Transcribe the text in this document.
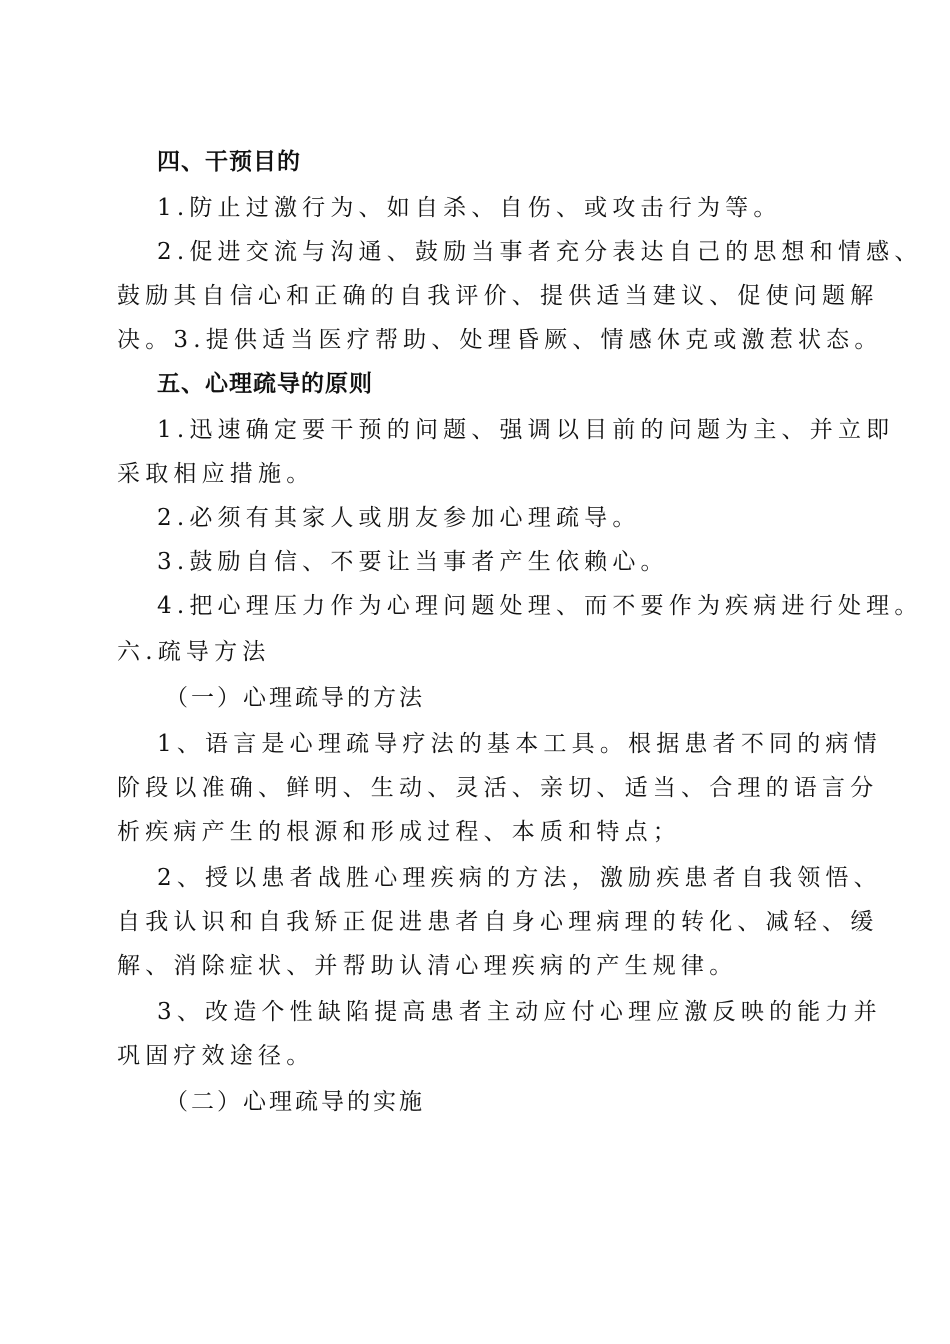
四、干预目的
1.防止过激行为、如自杀、自伤、或攻击行为等。
2.促进交流与沟通、鼓励当事者充分表达自己的思想和情感、
鼓励其自信心和正确的自我评价、提供适当建议、促使问题解
决。3.提供适当医疗帮助、处理昏厥、情感休克或激惹状态。
五、心理疏导的原则
1.迅速确定要干预的问题、强调以目前的问题为主、并立即
采取相应措施。
2.必须有其家人或朋友参加心理疏导。
3.鼓励自信、不要让当事者产生依赖心。
4.把心理压力作为心理问题处理、而不要作为疾病进行处理。
六.疏导方法
（一）心理疏导的方法
1、语言是心理疏导疗法的基本工具。根据患者不同的病情
阶段以准确、鲜明、生动、灵活、亲切、适当、合理的语言分
析疾病产生的根源和形成过程、本质和特点；
2、授以患者战胜心理疾病的方法，激励疾患者自我领悟、
自我认识和自我矫正促进患者自身心理病理的转化、减轻、缓
解、消除症状、并帮助认清心理疾病的产生规律。
3、改造个性缺陷提高患者主动应付心理应激反映的能力并
巩固疗效途径。
（二）心理疏导的实施
